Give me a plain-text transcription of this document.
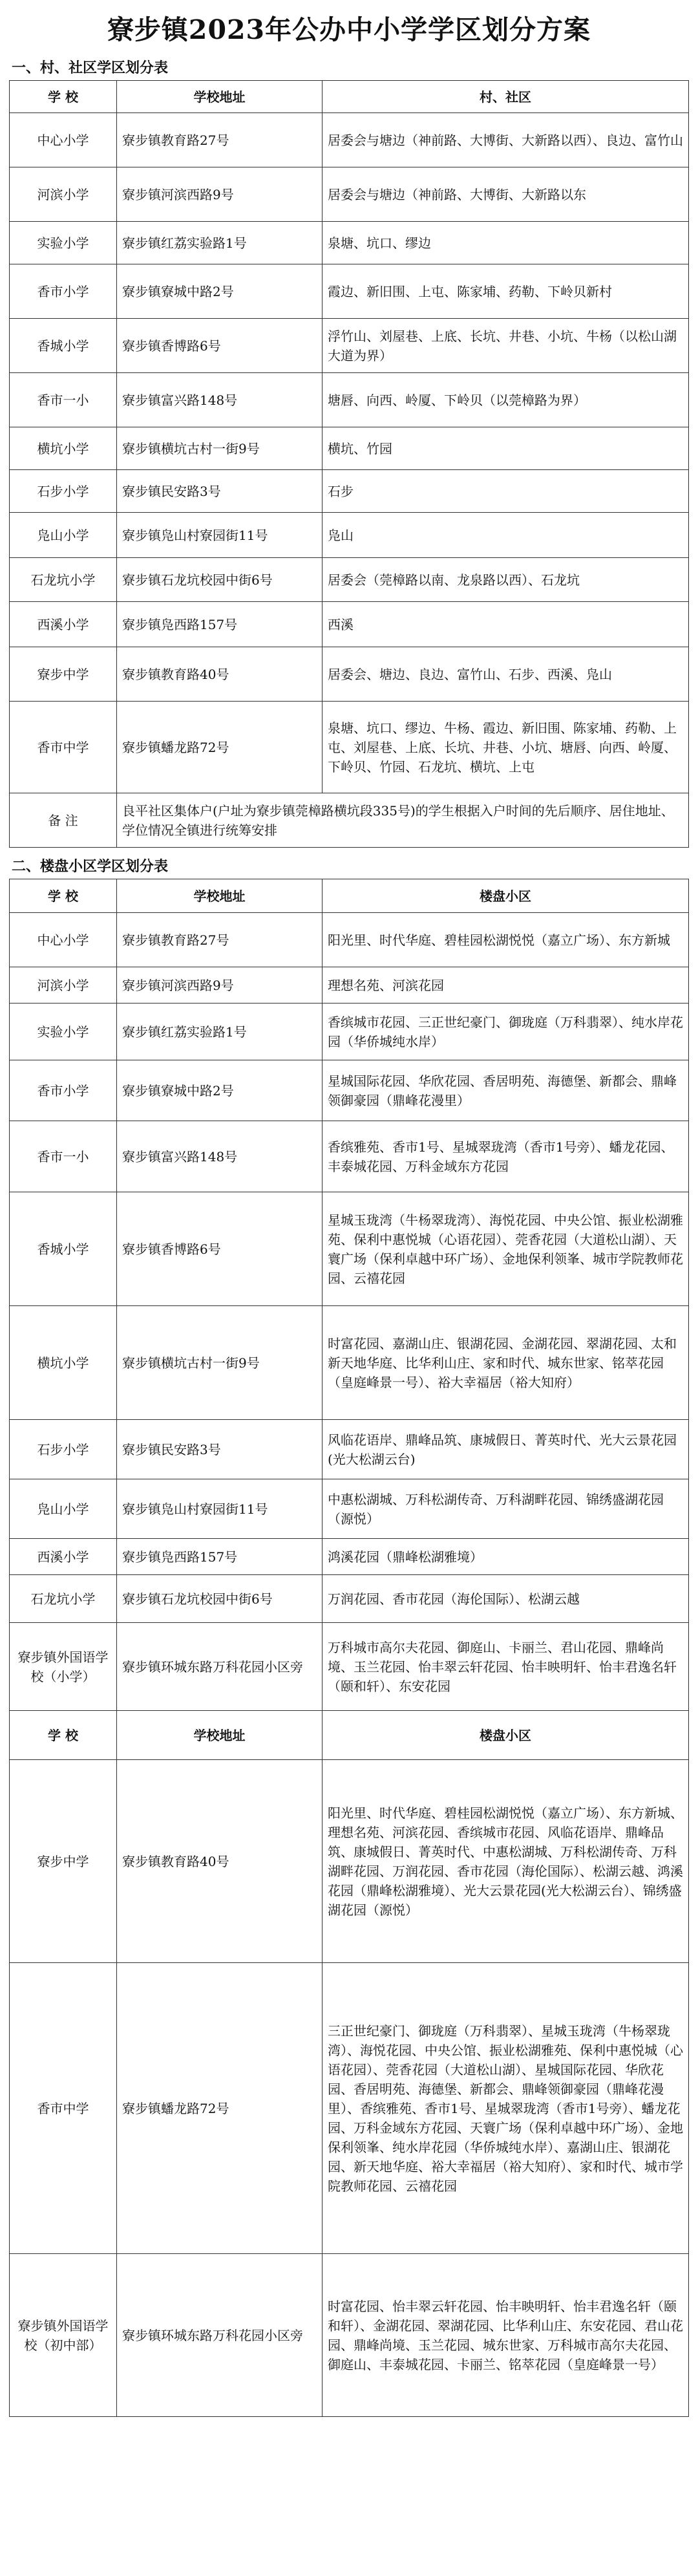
寮步镇2023年公办中小学学区划分方案
一、村、社区学区划分表
学 校	学校地址	村、社区
中心小学	寮步镇教育路27号	居委会与塘边（神前路、大博街、大新路以西）、良边、富竹山
河滨小学	寮步镇河滨西路9号	居委会与塘边（神前路、大博街、大新路以东
实验小学	寮步镇红荔实验路1号	泉塘、坑口、缪边
香市小学	寮步镇寮城中路2号	霞边、新旧围、上屯、陈家埔、药勒、下岭贝新村
香城小学	寮步镇香博路6号	浮竹山、刘屋巷、上底、长坑、井巷、小坑、牛杨（以松山湖大道为界）
香市一小	寮步镇富兴路148号	塘唇、向西、岭厦、下岭贝（以莞樟路为界）
横坑小学	寮步镇横坑古村一街9号	横坑、竹园
石步小学	寮步镇民安路3号	石步
凫山小学	寮步镇凫山村寮园街11号	凫山
石龙坑小学	寮步镇石龙坑校园中街6号	居委会（莞樟路以南、龙泉路以西）、石龙坑
西溪小学	寮步镇凫西路157号	西溪
寮步中学	寮步镇教育路40号	居委会、塘边、良边、富竹山、石步、西溪、凫山
香市中学	寮步镇蟠龙路72号	泉塘、坑口、缪边、牛杨、霞边、新旧围、陈家埔、药勒、上屯、刘屋巷、上底、长坑、井巷、小坑、塘唇、向西、岭厦、下岭贝、竹园、石龙坑、横坑、上屯
备 注	良平社区集体户(户址为寮步镇莞樟路横坑段335号)的学生根据入户时间的先后顺序、居住地址、学位情况全镇进行统筹安排	
二、楼盘小区学区划分表
学 校	学校地址	楼盘小区
中心小学	寮步镇教育路27号	阳光里、时代华庭、碧桂园松湖悦悦（嘉立广场）、东方新城
河滨小学	寮步镇河滨西路9号	理想名苑、河滨花园
实验小学	寮步镇红荔实验路1号	香缤城市花园、三正世纪豪门、御珑庭（万科翡翠）、纯水岸花园（华侨城纯水岸）
香市小学	寮步镇寮城中路2号	星城国际花园、华欣花园、香居明苑、海德堡、新都会、鼎峰领御豪园（鼎峰花漫里）
香市一小	寮步镇富兴路148号	香缤雅苑、香市1号、星城翠珑湾（香市1号旁）、蟠龙花园、丰泰城花园、万科金域东方花园
香城小学	寮步镇香博路6号	星城玉珑湾（牛杨翠珑湾）、海悦花园、中央公馆、振业松湖雅苑、保利中惠悦城（心语花园）、莞香花园（大道松山湖）、天寰广场（保利卓越中环广场）、金地保利领峯、城市学院教师花园、云禧花园
横坑小学	寮步镇横坑古村一街9号	时富花园、嘉湖山庄、银湖花园、金湖花园、翠湖花园、太和新天地华庭、比华利山庄、家和时代、城东世家、铭萃花园（皇庭峰景一号）、裕大幸福居（裕大知府）
石步小学	寮步镇民安路3号	风临花语岸、鼎峰品筑、康城假日、菁英时代、光大云景花园(光大松湖云台)
凫山小学	寮步镇凫山村寮园街11号	中惠松湖城、万科松湖传奇、万科湖畔花园、锦绣盛湖花园（源悦）
西溪小学	寮步镇凫西路157号	鸿溪花园（鼎峰松湖雅境）
石龙坑小学	寮步镇石龙坑校园中街6号	万润花园、香市花园（海伦国际）、松湖云越
寮步镇外国语学校（小学）	寮步镇环城东路万科花园小区旁	万科城市高尔夫花园、御庭山、卡丽兰、君山花园、鼎峰尚境、玉兰花园、怡丰翠云轩花园、怡丰映明轩、怡丰君逸名轩（颐和轩）、东安花园
学 校	学校地址	楼盘小区
寮步中学	寮步镇教育路40号	阳光里、时代华庭、碧桂园松湖悦悦（嘉立广场）、东方新城、理想名苑、河滨花园、香缤城市花园、风临花语岸、鼎峰品筑、康城假日、菁英时代、中惠松湖城、万科松湖传奇、万科湖畔花园、万润花园、香市花园（海伦国际）、松湖云越、鸿溪花园（鼎峰松湖雅境）、光大云景花园(光大松湖云台）、锦绣盛湖花园（源悦）
香市中学	寮步镇蟠龙路72号	三正世纪豪门、御珑庭（万科翡翠）、星城玉珑湾（牛杨翠珑湾）、海悦花园、中央公馆、振业松湖雅苑、保利中惠悦城（心语花园）、莞香花园（大道松山湖）、星城国际花园、华欣花园、香居明苑、海德堡、新都会、鼎峰领御豪园（鼎峰花漫里）、香缤雅苑、香市1号、星城翠珑湾（香市1号旁）、蟠龙花园、万科金域东方花园、天寰广场（保利卓越中环广场）、金地保利领峯、纯水岸花园（华侨城纯水岸）、嘉湖山庄、银湖花园、新天地华庭、裕大幸福居（裕大知府）、家和时代、城市学院教师花园、云禧花园
寮步镇外国语学校（初中部）	寮步镇环城东路万科花园小区旁	时富花园、怡丰翠云轩花园、怡丰映明轩、怡丰君逸名轩（颐和轩）、金湖花园、翠湖花园、比华利山庄、东安花园、君山花园、鼎峰尚境、玉兰花园、城东世家、万科城市高尔夫花园、御庭山、丰泰城花园、卡丽兰、铭萃花园（皇庭峰景一号）
